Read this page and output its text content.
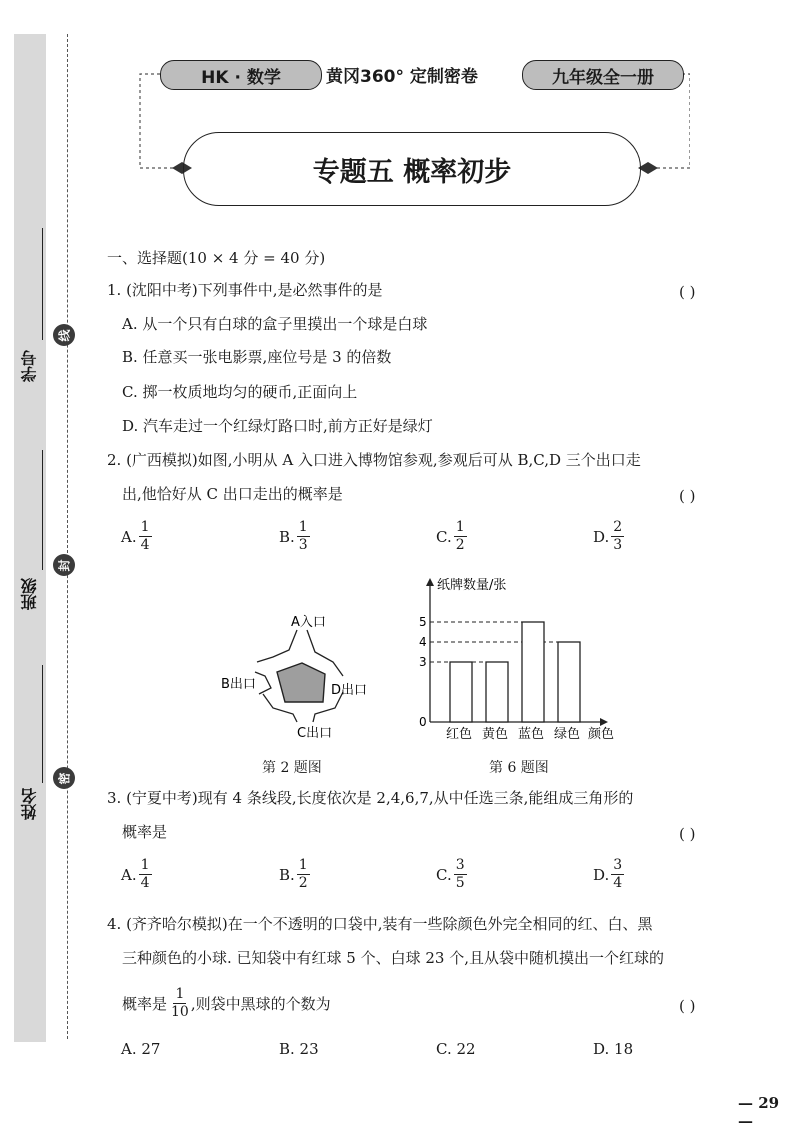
学号
班级
姓名
线
封
密
HK · 数学	黄冈360° 定制密卷	九年级全一册
专题五 概率初步
一、选择题(10 × 4 分 = 40 分)
1. (沈阳中考)下列事件中,是必然事件的是	( )
A. 从一个只有白球的盒子里摸出一个球是白球
B. 任意买一张电影票,座位号是 3 的倍数
C. 掷一枚质地均匀的硬币,正面向上
D. 汽车走过一个红绿灯路口时,前方正好是绿灯
2. (广西模拟)如图,小明从 A 入口进入博物馆参观,参观后可从 B,C,D 三个出口走
出,他恰好从 C 出口走出的概率是	( )
A. $\frac{1}{4}$	B. $\frac{1}{3}$	C. $\frac{1}{2}$	D. $\frac{2}{3}$
A入口
B出口	D出口
C出口
第 2 题图
纸牌数量/张
颜色
0
3
4
5
红色 黄色 蓝色 绿色
第 6 题图
3. (宁夏中考)现有 4 条线段,长度依次是 2,4,6,7,从中任选三条,能组成三角形的
概率是	( )
A. $\frac{1}{4}$	B. $\frac{1}{2}$	C. $\frac{3}{5}$	D. $\frac{3}{4}$
4. (齐齐哈尔模拟)在一个不透明的口袋中,装有一些除颜色外完全相同的红、白、黑
三种颜色的小球. 已知袋中有红球 5 个、白球 23 个,且从袋中随机摸出一个红球的
概率是 $\frac{1}{10}$ ,则袋中黑球的个数为	( )
A. 27	B. 23	C. 22	D. 18
— 29 —
